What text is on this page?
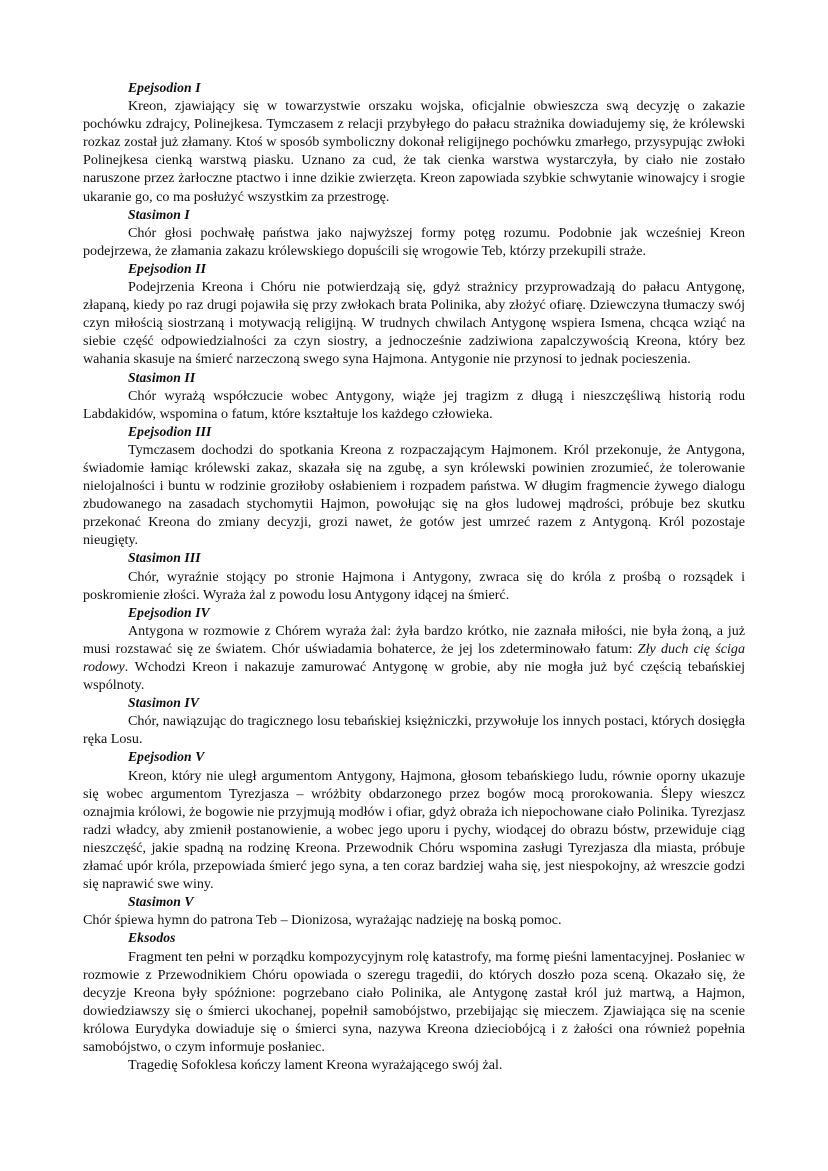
Epejsodion I

Kreon, zjawiający się w towarzystwie orszaku wojska, oficjalnie obwieszcza swą decyzję o zakazie pochówku zdrajcy, Polinejkesa. Tymczasem z relacji przybyłego do pałacu strażnika dowiadujemy się, że królewski rozkaz został już złamany. Ktoś w sposób symboliczny dokonał religijnego pochówku zmarłego, przysypując zwłoki Polinejkesa cienką warstwą piasku. Uznano za cud, że tak cienka warstwa wystarczyła, by ciało nie zostało naruszone przez żarłoczne ptactwo i inne dzikie zwierzęta. Kreon zapowiada szybkie schwytanie winowajcy i srogie ukaranie go, co ma posłużyć wszystkim za przestrogę.

Stasimon I

Chór głosi pochwałę państwa jako najwyższej formy potęg rozumu. Podobnie jak wcześniej Kreon podejrzewa, że złamania zakazu królewskiego dopuścili się wrogowie Teb, którzy przekupili straże.

Epejsodion II

Podejrzenia Kreona i Chóru nie potwierdzają się, gdyż strażnicy przyprowadzają do pałacu Antygonę, złapaną, kiedy po raz drugi pojawiła się przy zwłokach brata Polinika, aby złożyć ofiarę. Dziewczyna tłumaczy swój czyn miłością siostrzaną i motywacją religijną. W trudnych chwilach Antygonę wspiera Ismena, chcąca wziąć na siebie część odpowiedzialności za czyn siostry, a jednocześnie zadziwiona zapalczywością Kreona, który bez wahania skasuje na śmierć narzeczoną swego syna Hajmona. Antygonie nie przynosi to jednak pocieszenia.

Stasimon II

Chór wyrażą współczucie wobec Antygony, wiąże jej tragizm z długą i nieszczęśliwą historią rodu Labdakidów, wspomina o fatum, które kształtuje los każdego człowieka.

Epejsodion III

Tymczasem dochodzi do spotkania Kreona z rozpaczającym Hajmonem. Król przekonuje, że Antygona, świadomie łamiąc królewski zakaz, skazała się na zgubę, a syn królewski powinien zrozumieć, że tolerowanie nielojalności i buntu w rodzinie groziłoby osłabieniem i rozpadem państwa. W długim fragmencie żywego dialogu zbudowanego na zasadach stychomytii Hajmon, powołując się na głos ludowej mądrości, próbuje bez skutku przekonać Kreona do zmiany decyzji, grozi nawet, że gotów jest umrzeć razem z Antygoną. Król pozostaje nieugięty.

Stasimon III

Chór, wyraźnie stojący po stronie Hajmona i Antygony, zwraca się do króla z prośbą o rozsądek i poskromienie złości. Wyraża żal z powodu losu Antygony idącej na śmierć.

Epejsodion IV

Antygona w rozmowie z Chórem wyraża żal: żyła bardzo krótko, nie zaznała miłości, nie była żoną, a już musi rozstawać się ze światem. Chór uświadamia bohaterce, że jej los zdeterminowało fatum: Zły duch cię ściga rodowy. Wchodzi Kreon i nakazuje zamurować Antygonę w grobie, aby nie mogła już być częścią tebańskiej wspólnoty.

Stasimon IV

Chór, nawiązując do tragicznego losu tebańskiej księżniczki, przywołuje los innych postaci, których dosięgła ręka Losu.

Epejsodion V

Kreon, który nie uległ argumentom Antygony, Hajmona, głosom tebańskiego ludu, równie oporny ukazuje się wobec argumentom Tyrezjasza – wróżbity obdarzonego przez bogów mocą prorokowania. Ślepy wieszcz oznajmia królowi, że bogowie nie przyjmują modłów i ofiar, gdyż obraża ich niepochowane ciało Polinika. Tyrezjasz radzi władcy, aby zmienił postanowienie, a wobec jego uporu i pychy, wiodącej do obrazu bóstw, przewiduje ciąg nieszczęść, jakie spadną na rodzinę Kreona. Przewodnik Chóru wspomina zasługi Tyrezjasza dla miasta, próbuje złamać upór króla, przepowiada śmierć jego syna, a ten coraz bardziej waha się, jest niespokojny, aż wreszcie godzi się naprawić swe winy.

Stasimon V

Chór śpiewa hymn do patrona Teb – Dionizosa, wyrażając nadzieję na boską pomoc.

Eksodos

Fragment ten pełni w porządku kompozycyjnym rolę katastrofy, ma formę pieśni lamentacyjnej. Posłaniec w rozmowie z Przewodnikiem Chóru opowiada o szeregu tragedii, do których doszło poza sceną. Okazało się, że decyzje Kreona były spóźnione: pogrzebano ciało Polinika, ale Antygonę zastał król już martwą, a Hajmon, dowiedziawszy się o śmierci ukochanej, popełnił samobójstwo, przebijając się mieczem. Zjawiająca się na scenie królowa Eurydyka dowiaduje się o śmierci syna, nazywa Kreona dzieciobójcą i z żałości ona również popełnia samobójstwo, o czym informuje posłaniec.

Tragedię Sofoklesa kończy lament Kreona wyrażającego swój żal.
